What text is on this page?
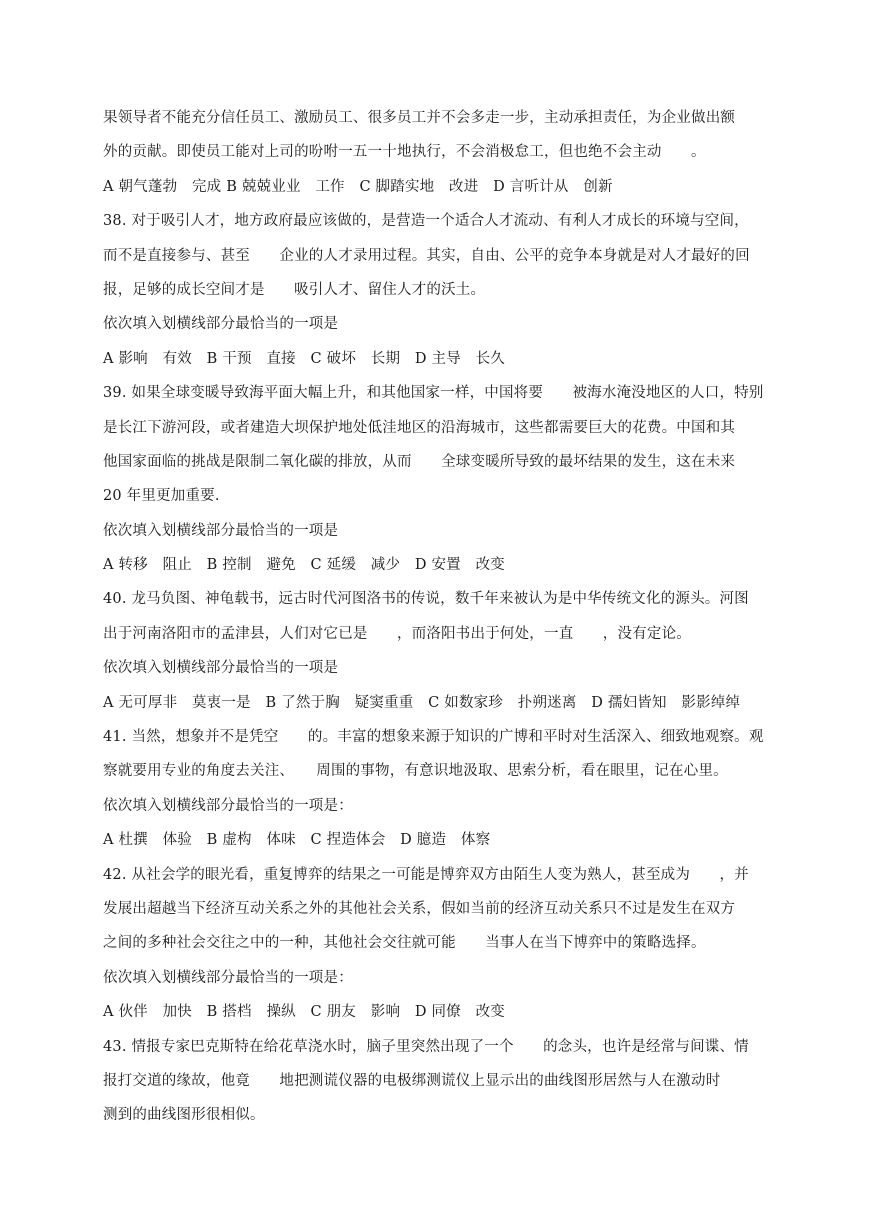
果领导者不能充分信任员工、激励员工、很多员工并不会多走一步，主动承担责任，为企业做出额
外的贡献。即使员工能对上司的吩咐一五一十地执行，不会消极怠工，但也绝不会主动　　。
A 朝气蓬勃　完成 B 兢兢业业　工作　C 脚踏实地　改进　D 言听计从　创新
38. 对于吸引人才，地方政府最应该做的，是营造一个适合人才流动、有利人才成长的环境与空间，
而不是直接参与、甚至　　企业的人才录用过程。其实，自由、公平的竞争本身就是对人才最好的回
报，足够的成长空间才是　　吸引人才、留住人才的沃土。
依次填入划横线部分最恰当的一项是
A 影响　有效　B 干预　直接　C 破坏　长期　D 主导　长久
39. 如果全球变暖导致海平面大幅上升，和其他国家一样，中国将要　　被海水淹没地区的人口，特别
是长江下游河段，或者建造大坝保护地处低洼地区的沿海城市，这些都需要巨大的花费。中国和其
他国家面临的挑战是限制二氧化碳的排放，从而　　全球变暖所导致的最坏结果的发生，这在未来
20 年里更加重要.
依次填入划横线部分最恰当的一项是
A 转移　阻止　B 控制　避免　C 延缓　减少　D 安置　改变
40. 龙马负图、神龟载书，远古时代河图洛书的传说，数千年来被认为是中华传统文化的源头。河图
出于河南洛阳市的孟津县，人们对它已是　　，而洛阳书出于何处，一直　　，没有定论。
依次填入划横线部分最恰当的一项是
A 无可厚非　莫衷一是　B 了然于胸　疑窦重重　C 如数家珍　扑朔迷离　D 孺妇皆知　影影绰绰
41. 当然，想象并不是凭空　　的。丰富的想象来源于知识的广博和平时对生活深入、细致地观察。观
察就要用专业的角度去关注、　　周围的事物，有意识地汲取、思索分析，看在眼里，记在心里。
依次填入划横线部分最恰当的一项是：
A 杜撰　体验　B 虚构　体味　C 捏造体会　D 臆造　体察
42. 从社会学的眼光看，重复博弈的结果之一可能是博弈双方由陌生人变为熟人，甚至成为　　，并
发展出超越当下经济互动关系之外的其他社会关系，假如当前的经济互动关系只不过是发生在双方
之间的多种社会交往之中的一种，其他社会交往就可能　　当事人在当下博弈中的策略选择。
依次填入划横线部分最恰当的一项是：
A 伙伴　加快　B 搭档　操纵　C 朋友　影响　D 同僚　改变
43. 情报专家巴克斯特在给花草浇水时，脑子里突然出现了一个　　的念头，也许是经常与间谍、情
报打交道的缘故，他竟　　地把测谎仪器的电极绑测谎仪上显示出的曲线图形居然与人在激动时
测到的曲线图形很相似。
